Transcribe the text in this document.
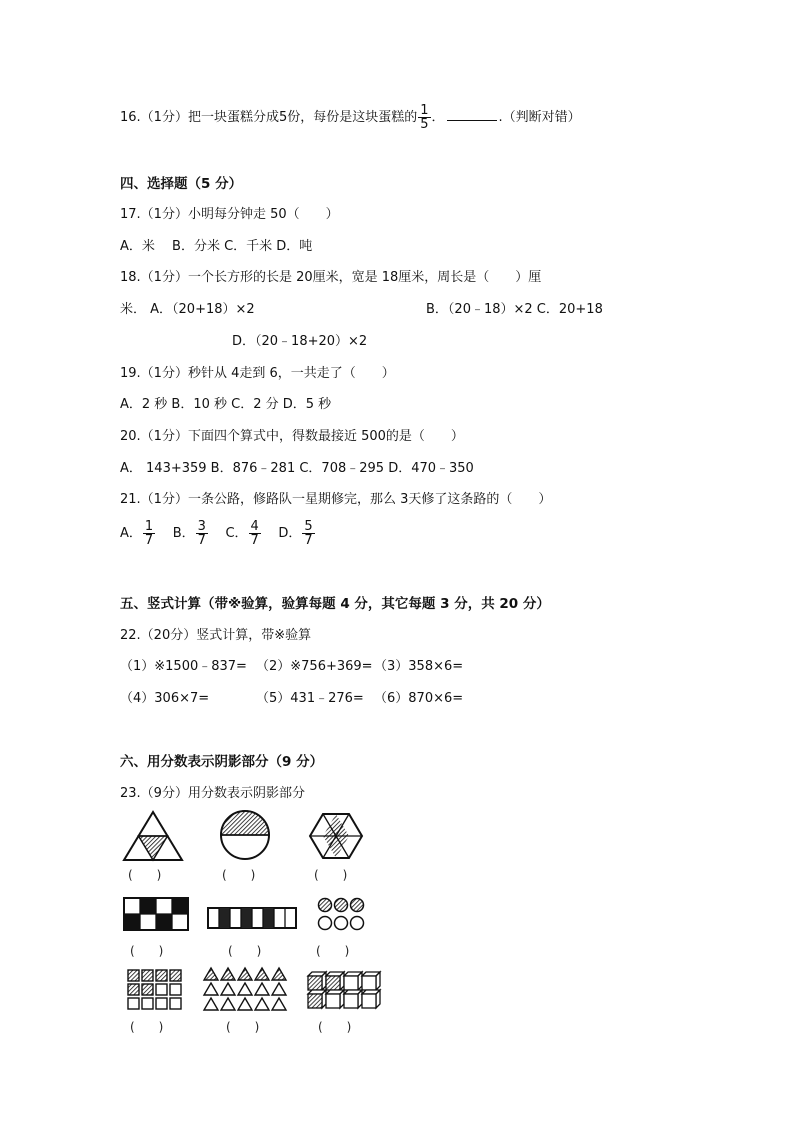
16.（1分）把一块蛋糕分成5份，每份是这块蛋糕的 $\frac{1}{5}$ ．	.（判断对错）
四、选择题（5 分）
17.（1分）小明每分钟走 50（　　）
A．米　 B．分米 C．千米 D．吨
18.（1分）一个长方形的长是 20厘米，宽是 18厘米，周长是（　　）厘
米． A．（20+18）×2	B．（20﹣18）×2 C．20+18
D．（20﹣18+20）×2
19.（1分）秒针从 4走到 6，一共走了（　　）
A．2 秒 B．10 秒 C．2 分 D．5 秒
20.（1分）下面四个算式中，得数最接近 500的是（　　）
A． 143+359 B．876﹣281 C．708﹣295 D．470﹣350
21.（1分）一条公路，修路队一星期修完，那么 3天修了这条路的（　　）
A． $\frac{1}{7}$ B． $\frac{3}{7}$ C． $\frac{4}{7}$ D． $\frac{5}{7}$
五、竖式计算（带※验算，验算每题 4 分，其它每题 3 分，共 20 分）
22.（20分）竖式计算，带※验算
（1）※1500﹣837= （2）※756+369= （3）358×6=
（4）306×7=	（5）431﹣276= （6）870×6=
六、用分数表示阴影部分（9 分）
23.（9分）用分数表示阴影部分
(　　)	(　　)	(　　)
(　　)	(　　)	(　　)
(　　)	(　　)	(　　)
